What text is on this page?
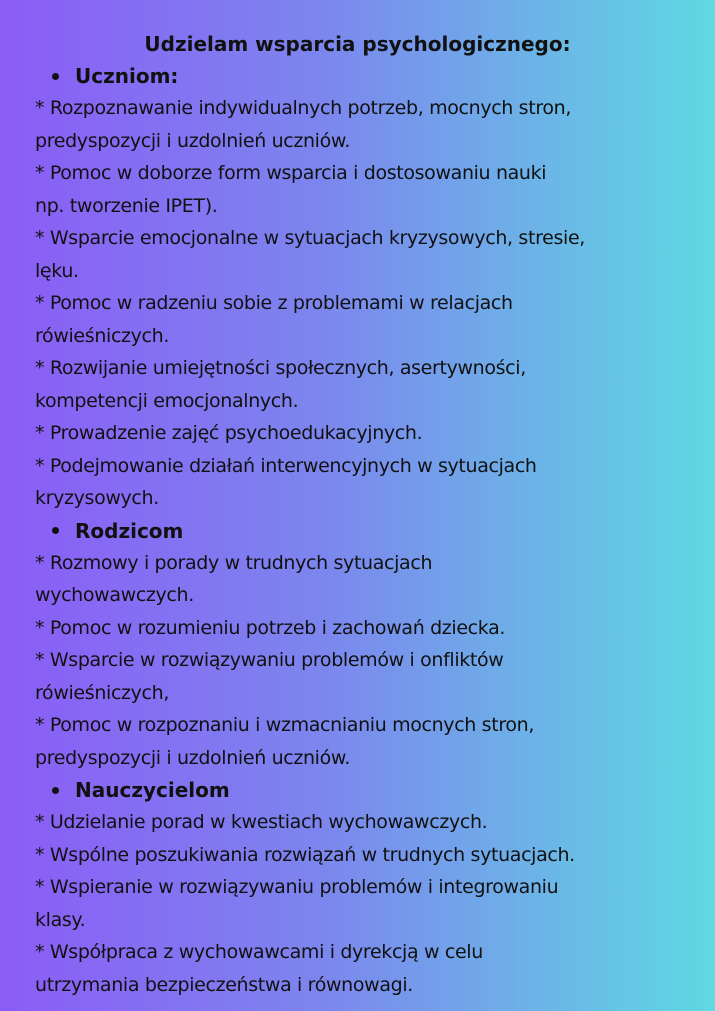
Udzielam wsparcia psychologicznego:
Uczniom:
* Rozpoznawanie indywidualnych potrzeb, mocnych stron,
predyspozycji i uzdolnień uczniów.
* Pomoc w doborze form wsparcia i dostosowaniu nauki
np. tworzenie IPET).
* Wsparcie emocjonalne w sytuacjach kryzysowych, stresie,
lęku.
* Pomoc w radzeniu sobie z problemami w relacjach
rówieśniczych.
* Rozwijanie umiejętności społecznych, asertywności,
kompetencji emocjonalnych.
* Prowadzenie zajęć psychoedukacyjnych.
* Podejmowanie działań interwencyjnych w sytuacjach
kryzysowych.
Rodzicom
* Rozmowy i porady w trudnych sytuacjach
wychowawczych.
* Pomoc w rozumieniu potrzeb i zachowań dziecka.
* Wsparcie w rozwiązywaniu problemów i onfliktów
rówieśniczych,
* Pomoc w rozpoznaniu i wzmacnianiu mocnych stron,
predyspozycji i uzdolnień uczniów.
Nauczycielom
* Udzielanie porad w kwestiach wychowawczych.
* Wspólne poszukiwania rozwiązań w trudnych sytuacjach.
* Wspieranie w rozwiązywaniu problemów i integrowaniu
klasy.
* Współpraca z wychowawcami i dyrekcją w celu
utrzymania bezpieczeństwa i równowagi.
